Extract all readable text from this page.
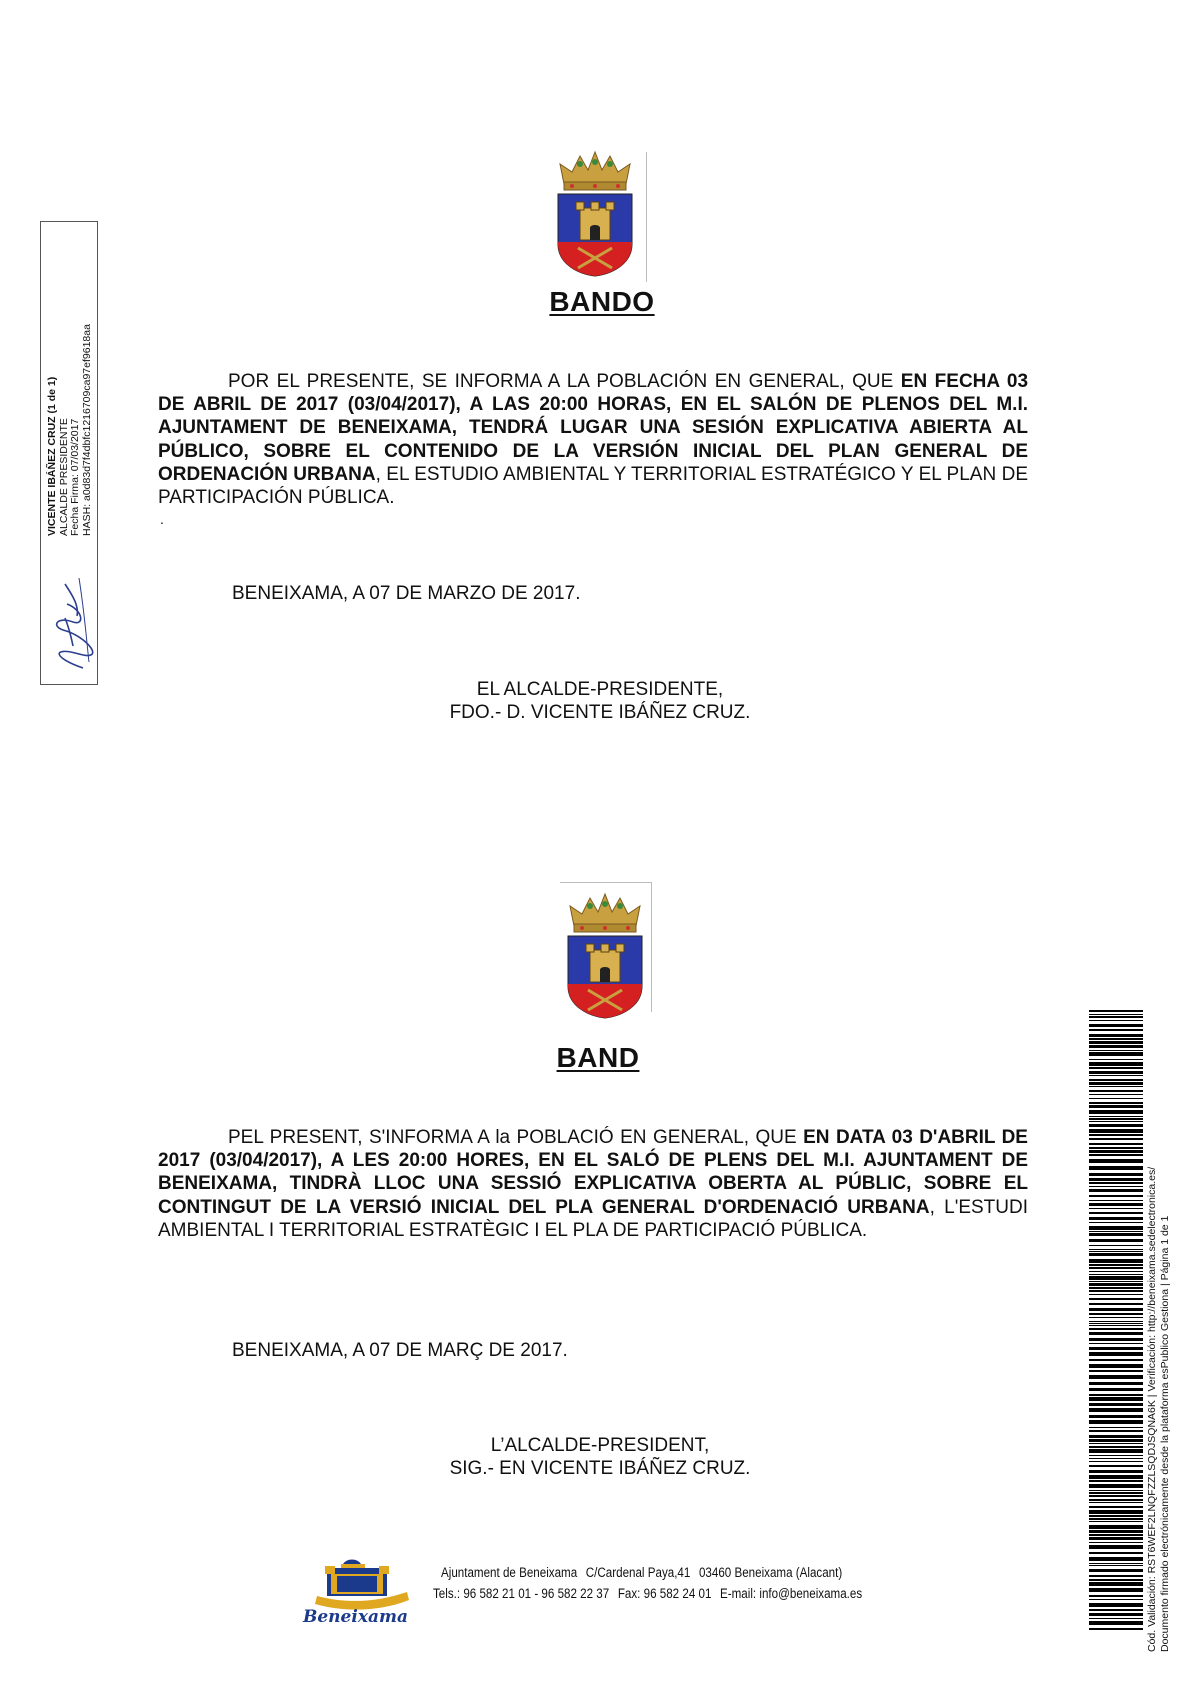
VICENTE IBÁÑEZ CRUZ (1 de 1) ALCALDE PRESIDENTE Fecha Firma: 07/03/2017 HASH: a0d83d7f4dbfc1216709ca97ef9618aa
BANDO
POR EL PRESENTE, SE INFORMA A LA POBLACIÓN EN GENERAL, QUE EN FECHA 03 DE ABRIL DE 2017 (03/04/2017), A LAS 20:00 HORAS, EN EL SALÓN DE PLENOS DEL M.I. AJUNTAMENT DE BENEIXAMA, TENDRÁ LUGAR UNA SESIÓN EXPLICATIVA ABIERTA AL PÚBLICO, SOBRE EL CONTENIDO DE LA VERSIÓN INICIAL DEL PLAN GENERAL DE ORDENACIÓN URBANA, EL ESTUDIO AMBIENTAL Y TERRITORIAL ESTRATÉGICO Y EL PLAN DE PARTICIPACIÓN PÚBLICA.
.
BENEIXAMA, A 07 DE MARZO DE 2017.
EL ALCALDE-PRESIDENTE,
FDO.- D. VICENTE IBÁÑEZ CRUZ.
BAND
PEL PRESENT, S'INFORMA A la POBLACIÓ EN GENERAL, QUE EN DATA 03 D'ABRIL DE 2017 (03/04/2017), A LES 20:00 HORES, EN EL SALÓ DE PLENS DEL M.I. AJUNTAMENT DE BENEIXAMA, TINDRÀ LLOC UNA SESSIÓ EXPLICATIVA OBERTA AL PÚBLIC, SOBRE EL CONTINGUT DE LA VERSIÓ INICIAL DEL PLA GENERAL D'ORDENACIÓ URBANA, L'ESTUDI AMBIENTAL I TERRITORIAL ESTRATÈGIC I EL PLA DE PARTICIPACIÓ PÚBLICA.
BENEIXAMA, A 07 DE MARÇ DE 2017.
L’ALCALDE-PRESIDENT,
SIG.- EN VICENTE IBÁÑEZ CRUZ.	Cód. Validación: RST6WEF2LNQFZZLSQDJSQNA6K | Verificación: http://beneixama.sedelectronica.es/ Documento firmado electrónicamente desde la plataforma esPublico Gestiona | Página 1 de 1
Beneixama
Ajuntament de Beneixama C/Cardenal Paya,41 03460 Beneixama (Alacant)
Tels.: 96 582 21 01 - 96 582 22 37 Fax: 96 582 24 01 E-mail: info@beneixama.es
